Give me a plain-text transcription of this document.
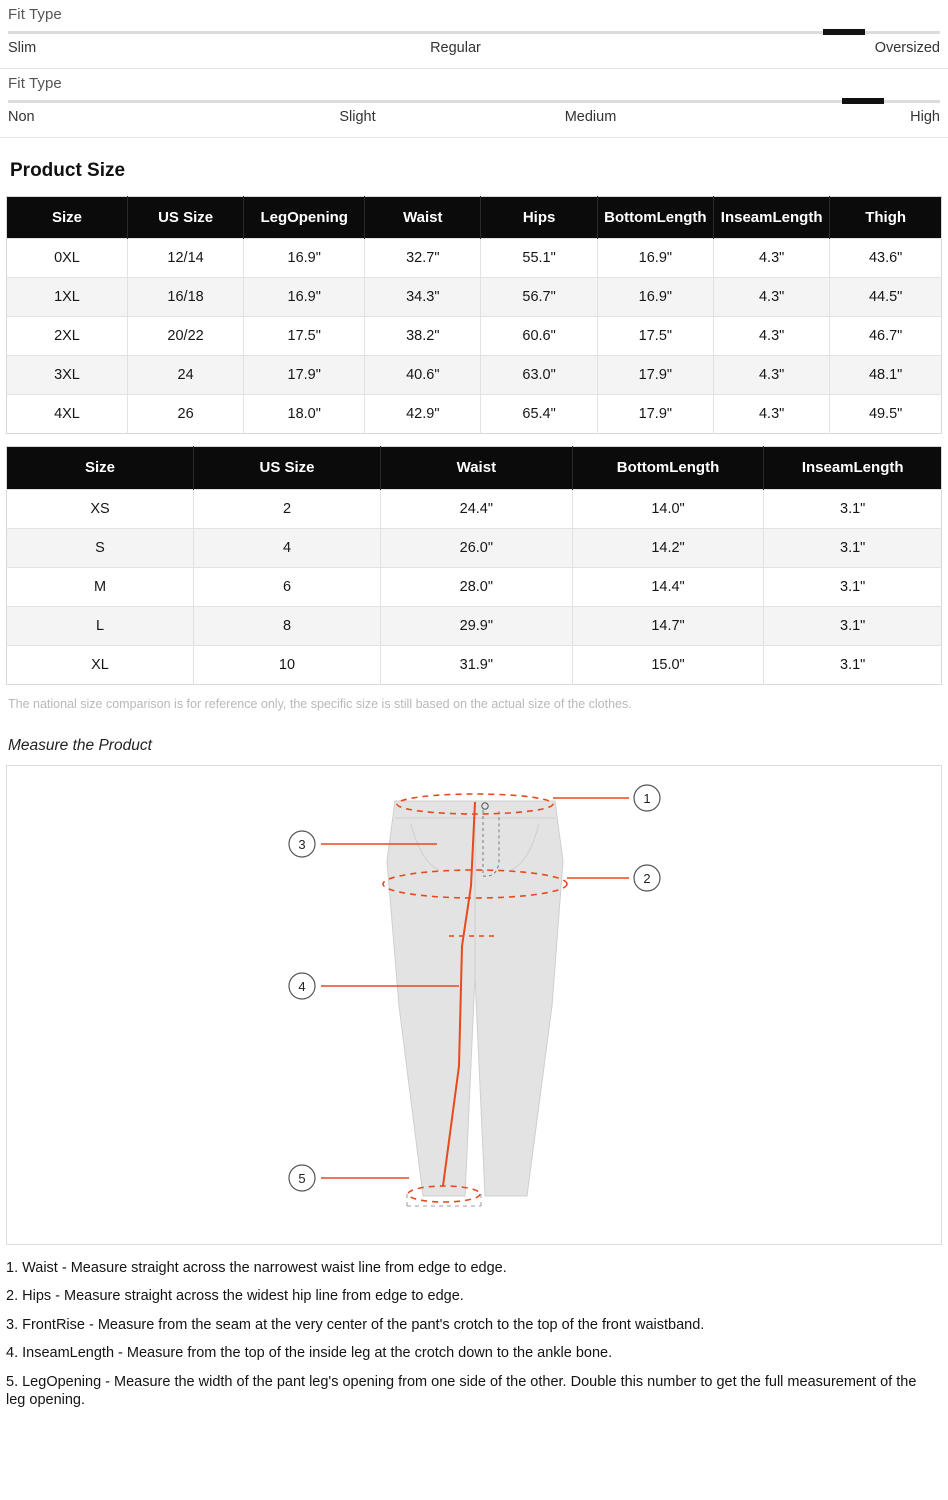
Fit Type
Slim	Regular	Oversized
Fit Type
Non	Slight	Medium	High
Product Size
Size	US Size	LegOpening	Waist	Hips	BottomLength	InseamLength	Thigh
0XL	12/14	16.9"	32.7"	55.1"	16.9"	4.3"	43.6"
1XL	16/18	16.9"	34.3"	56.7"	16.9"	4.3"	44.5"
2XL	20/22	17.5"	38.2"	60.6"	17.5"	4.3"	46.7"
3XL	24	17.9"	40.6"	63.0"	17.9"	4.3"	48.1"
4XL	26	18.0"	42.9"	65.4"	17.9"	4.3"	49.5"
Size	US Size	Waist	BottomLength	InseamLength
XS	2	24.4"	14.0"	3.1"
S	4	26.0"	14.2"	3.1"
M	6	28.0"	14.4"	3.1"
L	8	29.9"	14.7"	3.1"
XL	10	31.9"	15.0"	3.1"
The national size comparison is for reference only, the specific size is still based on the actual size of the clothes.
Measure the Product
1
2
3
4
5
1. Waist - Measure straight across the narrowest waist line from edge to edge.
2. Hips - Measure straight across the widest hip line from edge to edge.
3. FrontRise - Measure from the seam at the very center of the pant's crotch to the top of the front waistband.
4. InseamLength - Measure from the top of the inside leg at the crotch down to the ankle bone.
5. LegOpening - Measure the width of the pant leg's opening from one side of the other. Double this number to get the full measurement of the leg opening.
